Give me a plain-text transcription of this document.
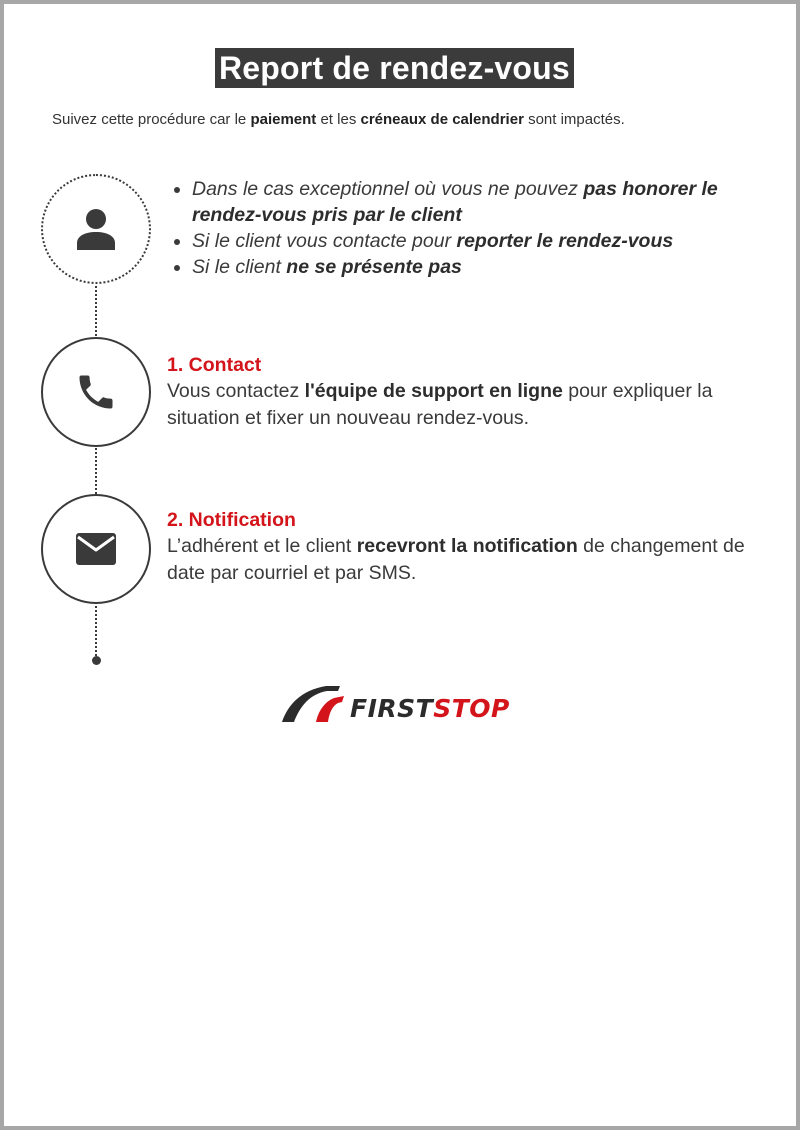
Report de rendez-vous
Suivez cette procédure car le paiement et les créneaux de calendrier sont impactés.
Dans le cas exceptionnel où vous ne pouvez pas honorer le rendez-vous pris par le client
Si le client vous contacte pour reporter le rendez-vous
Si le client ne se présente pas
1. Contact
Vous contactez l'équipe de support en ligne pour expliquer la situation et fixer un nouveau rendez-vous.
2. Notification
L’adhérent et le client recevront la notification de changement de date par courriel et par SMS.
FIRSTSTOP
